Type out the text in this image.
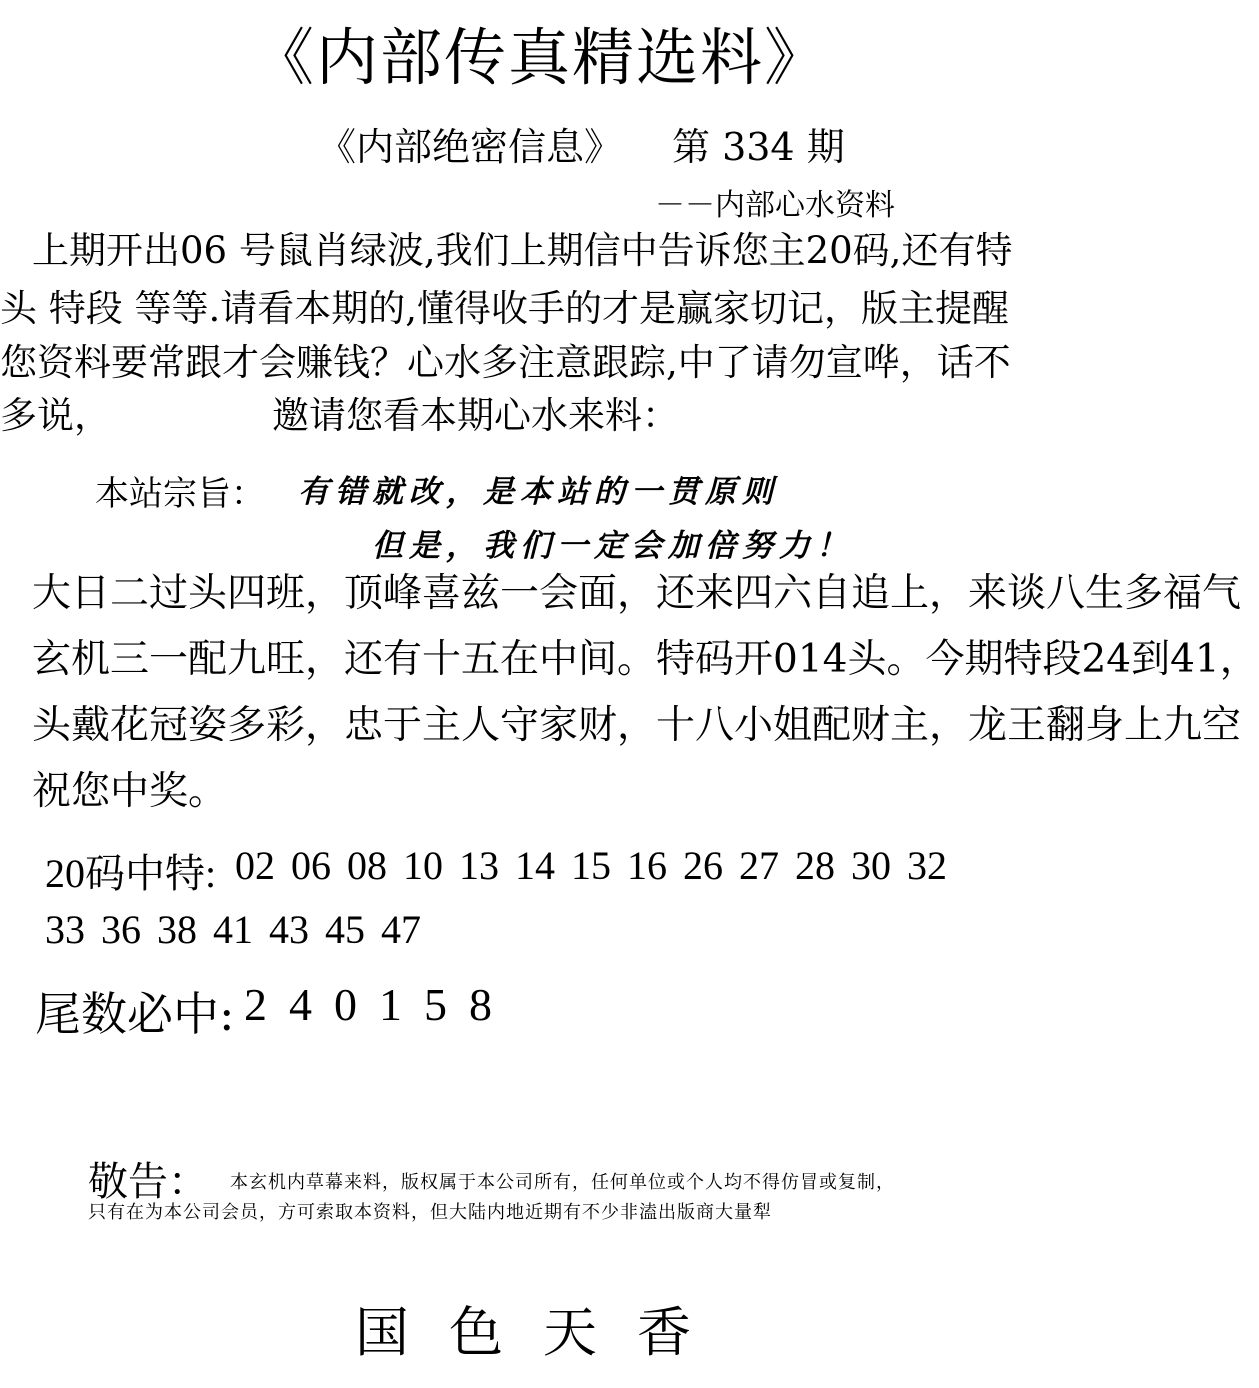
《内部传真精选料》
《内部绝密信息》 第 334 期
－－内部心水资料
上期开出06 号鼠肖绿波,我们上期信中告诉您主20码,还有特
头 特段 等等.请看本期的,懂得收手的才是赢家切记，版主提醒
您资料要常跟才会赚钱？心水多注意跟踪,中了请勿宣哗，话不
多说，	邀请您看本期心水来料：
本站宗旨： 有错就改，是本站的一贯原则
但是，我们一定会加倍努力！
大日二过头四班，顶峰喜兹一会面，还来四六自追上，来谈八生多福气
玄机三一配九旺，还有十五在中间。特码开014头。今期特段24到41，
头戴花冠姿多彩，忠于主人守家财，十八小姐配财主，龙王翻身上九空
祝您中奖。
20码中特: 02 06 08 10 13 14 15 16 26 27 28 30 32
33 36 38 41 43 45 47
尾数必中: 2 4 0 1 5 8
敬告： 本玄机内草幕来料，版权属于本公司所有，任何单位或个人均不得仿冒或复制，
只有在为本公司会员，方可索取本资料，但大陆内地近期有不少非溘出版商大量犁
国色天香
